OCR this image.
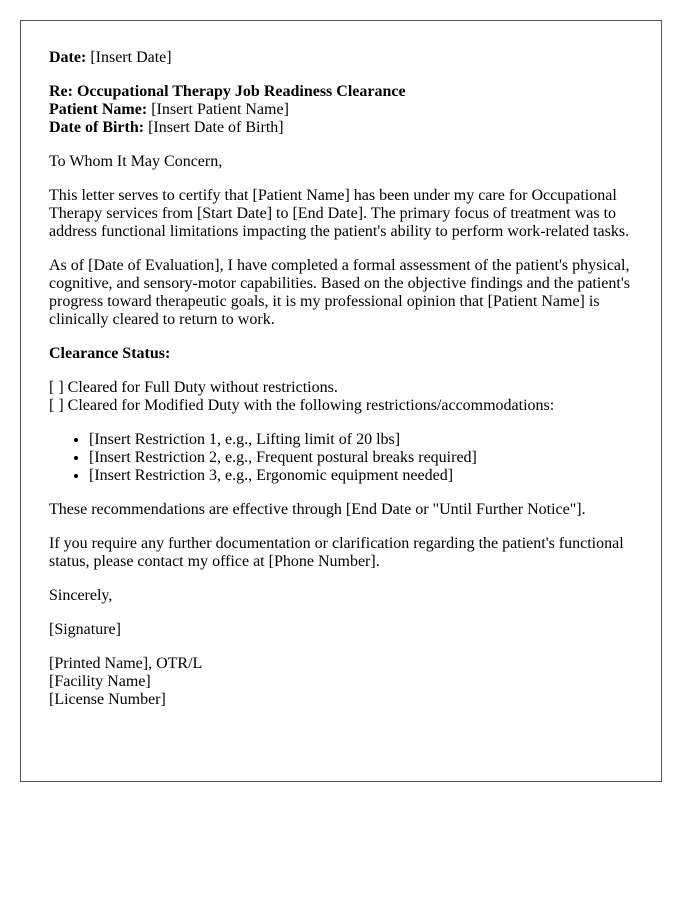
Date: [Insert Date]

Re: Occupational Therapy Job Readiness Clearance
Patient Name: [Insert Patient Name]
Date of Birth: [Insert Date of Birth]

To Whom It May Concern,

This letter serves to certify that [Patient Name] has been under my care for Occupational Therapy services from [Start Date] to [End Date]. The primary focus of treatment was to address functional limitations impacting the patient's ability to perform work-related tasks.

As of [Date of Evaluation], I have completed a formal assessment of the patient's physical, cognitive, and sensory-motor capabilities. Based on the objective findings and the patient's progress toward therapeutic goals, it is my professional opinion that [Patient Name] is clinically cleared to return to work.

Clearance Status:

[ ] Cleared for Full Duty without restrictions.
[ ] Cleared for Modified Duty with the following restrictions/accommodations:

• [Insert Restriction 1, e.g., Lifting limit of 20 lbs]
• [Insert Restriction 2, e.g., Frequent postural breaks required]
• [Insert Restriction 3, e.g., Ergonomic equipment needed]

These recommendations are effective through [End Date or "Until Further Notice"].

If you require any further documentation or clarification regarding the patient's functional status, please contact my office at [Phone Number].

Sincerely,

[Signature]

[Printed Name], OTR/L
[Facility Name]
[License Number]
